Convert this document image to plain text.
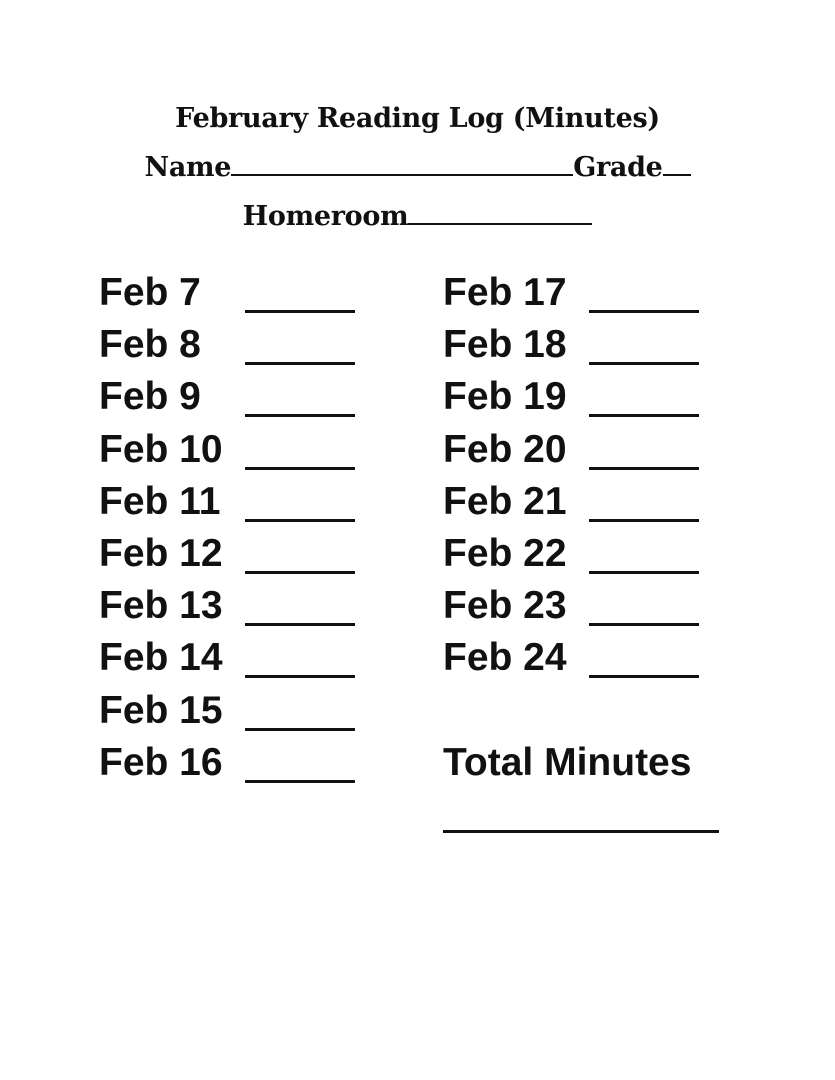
February Reading Log (Minutes)
Name	Grade
Homeroom
Feb 7
Feb 8
Feb 9
Feb 10
Feb 11
Feb 12
Feb 13
Feb 14
Feb 15
Feb 16
Feb 17
Feb 18
Feb 19
Feb 20
Feb 21
Feb 22
Feb 23
Feb 24
Total Minutes
